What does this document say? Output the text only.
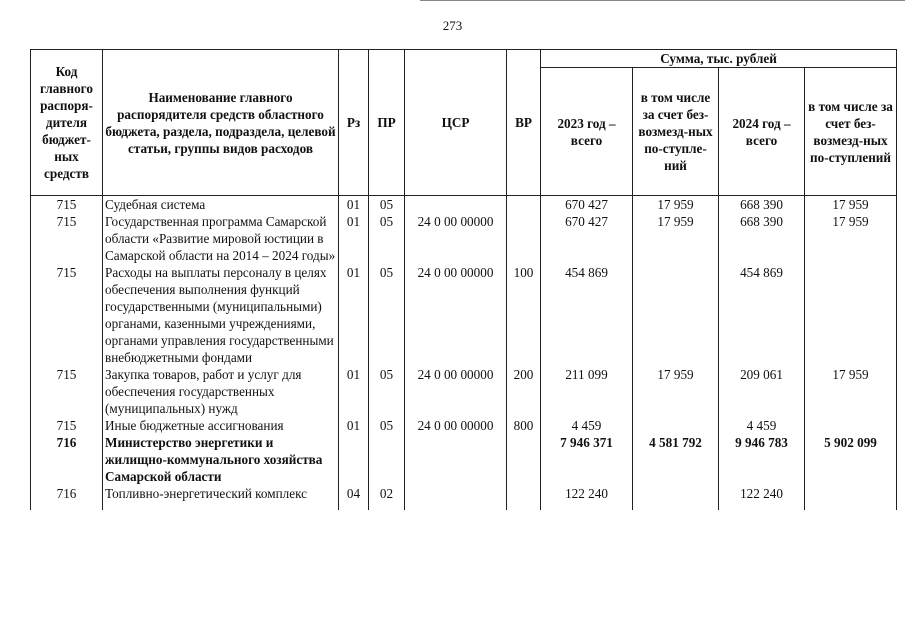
273
Код главного распоря-дителя бюджет-ных средств	Наименование главного распорядителя средств областного бюджета, раздела, подраздела, целевой статьи, группы видов расходов	Рз	ПР	ЦСР	ВР	Сумма, тыс. рублей			
						2023 год – всего	в том числе за счет без-возмезд-ных по-ступле-ний	2024 год – всего	в том числе за счет без-возмезд-ных по-ступлений
715	Судебная система	01	05			670 427	17 959	668 390	17 959
715	Государственная программа Самарской области «Развитие мировой юстиции в Самарской области на 2014 – 2024 годы»	01	05	24 0 00 00000		670 427	17 959	668 390	17 959
715	Расходы на выплаты персоналу в целях обеспечения выполнения функций государственными (муниципальными) органами, казенными учреждениями, органами управления государственными внебюджетными фондами	01	05	24 0 00 00000	100	454 869		454 869	
715	Закупка товаров, работ и услуг для обеспечения государственных (муниципальных) нужд	01	05	24 0 00 00000	200	211 099	17 959	209 061	17 959
715	Иные бюджетные ассигнования	01	05	24 0 00 00000	800	4 459		4 459	
716	Министерство энергетики и жилищно-коммунального хозяйства Самарской области					7 946 371	4 581 792	9 946 783	5 902 099
716	Топливно-энергетический комплекс	04	02			122 240		122 240	
